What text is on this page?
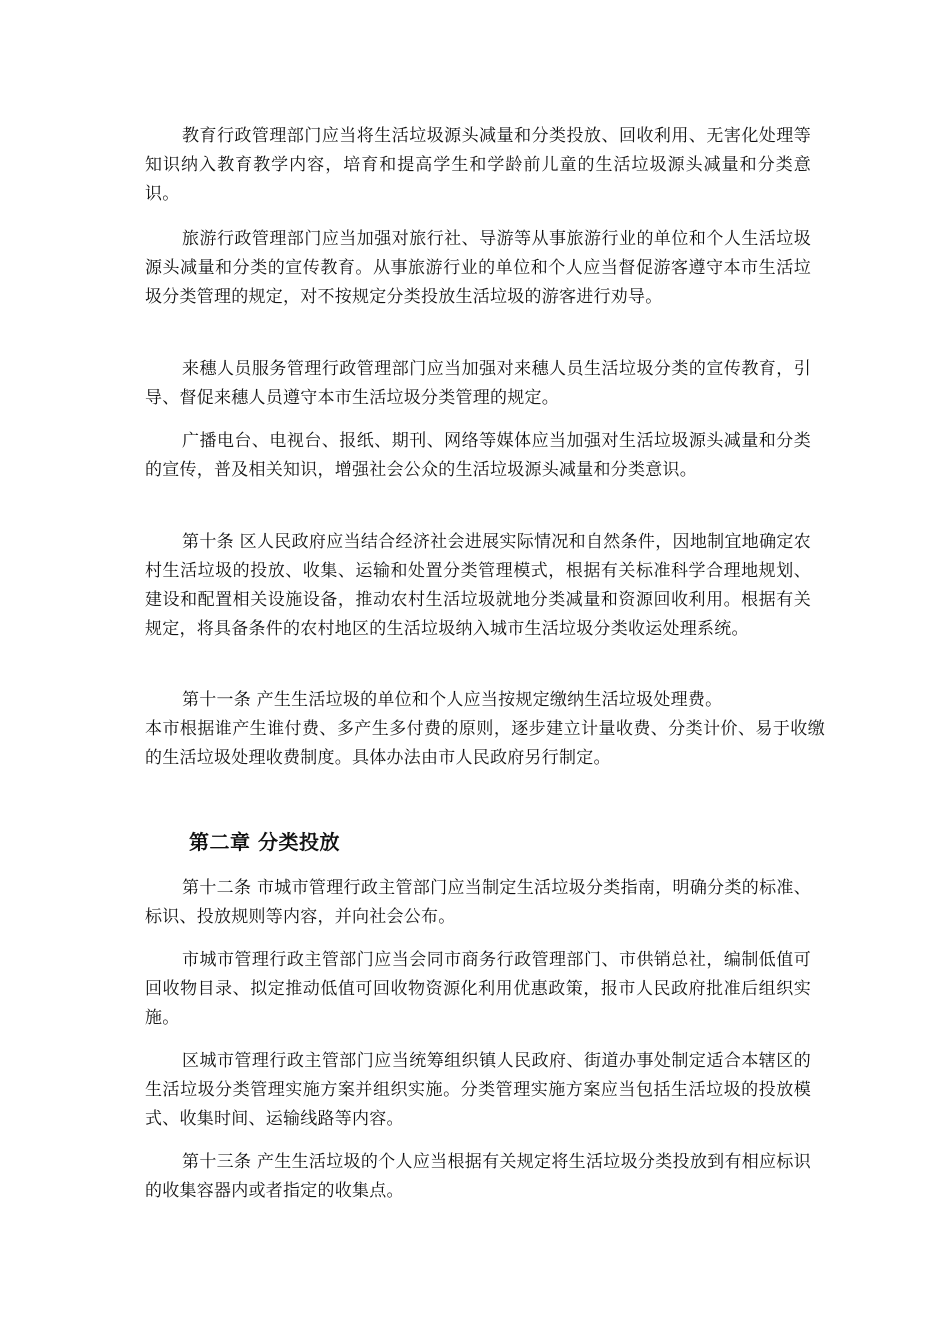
教育行政管理部门应当将生活垃圾源头减量和分类投放、回收利用、无害化处理等知识纳入教育教学内容，培育和提高学生和学龄前儿童的生活垃圾源头减量和分类意识。

旅游行政管理部门应当加强对旅行社、导游等从事旅游行业的单位和个人生活垃圾源头减量和分类的宣传教育。从事旅游行业的单位和个人应当督促游客遵守本市生活垃圾分类管理的规定，对不按规定分类投放生活垃圾的游客进行劝导。

来穗人员服务管理行政管理部门应当加强对来穗人员生活垃圾分类的宣传教育，引导、督促来穗人员遵守本市生活垃圾分类管理的规定。

广播电台、电视台、报纸、期刊、网络等媒体应当加强对生活垃圾源头减量和分类的宣传，普及相关知识，增强社会公众的生活垃圾源头减量和分类意识。

第十条 区人民政府应当结合经济社会进展实际情况和自然条件，因地制宜地确定农村生活垃圾的投放、收集、运输和处置分类管理模式，根据有关标准科学合理地规划、建设和配置相关设施设备，推动农村生活垃圾就地分类减量和资源回收利用。根据有关规定，将具备条件的农村地区的生活垃圾纳入城市生活垃圾分类收运处理系统。

第十一条 产生生活垃圾的单位和个人应当按规定缴纳生活垃圾处理费。
本市根据谁产生谁付费、多产生多付费的原则，逐步建立计量收费、分类计价、易于收缴的生活垃圾处理收费制度。具体办法由市人民政府另行制定。
第二章 分类投放

第十二条 市城市管理行政主管部门应当制定生活垃圾分类指南，明确分类的标准、标识、投放规则等内容，并向社会公布。

市城市管理行政主管部门应当会同市商务行政管理部门、市供销总社，编制低值可回收物目录、拟定推动低值可回收物资源化利用优惠政策，报市人民政府批准后组织实施。

区城市管理行政主管部门应当统筹组织镇人民政府、街道办事处制定适合本辖区的生活垃圾分类管理实施方案并组织实施。分类管理实施方案应当包括生活垃圾的投放模式、收集时间、运输线路等内容。

第十三条 产生生活垃圾的个人应当根据有关规定将生活垃圾分类投放到有相应标识的收集容器内或者指定的收集点。
